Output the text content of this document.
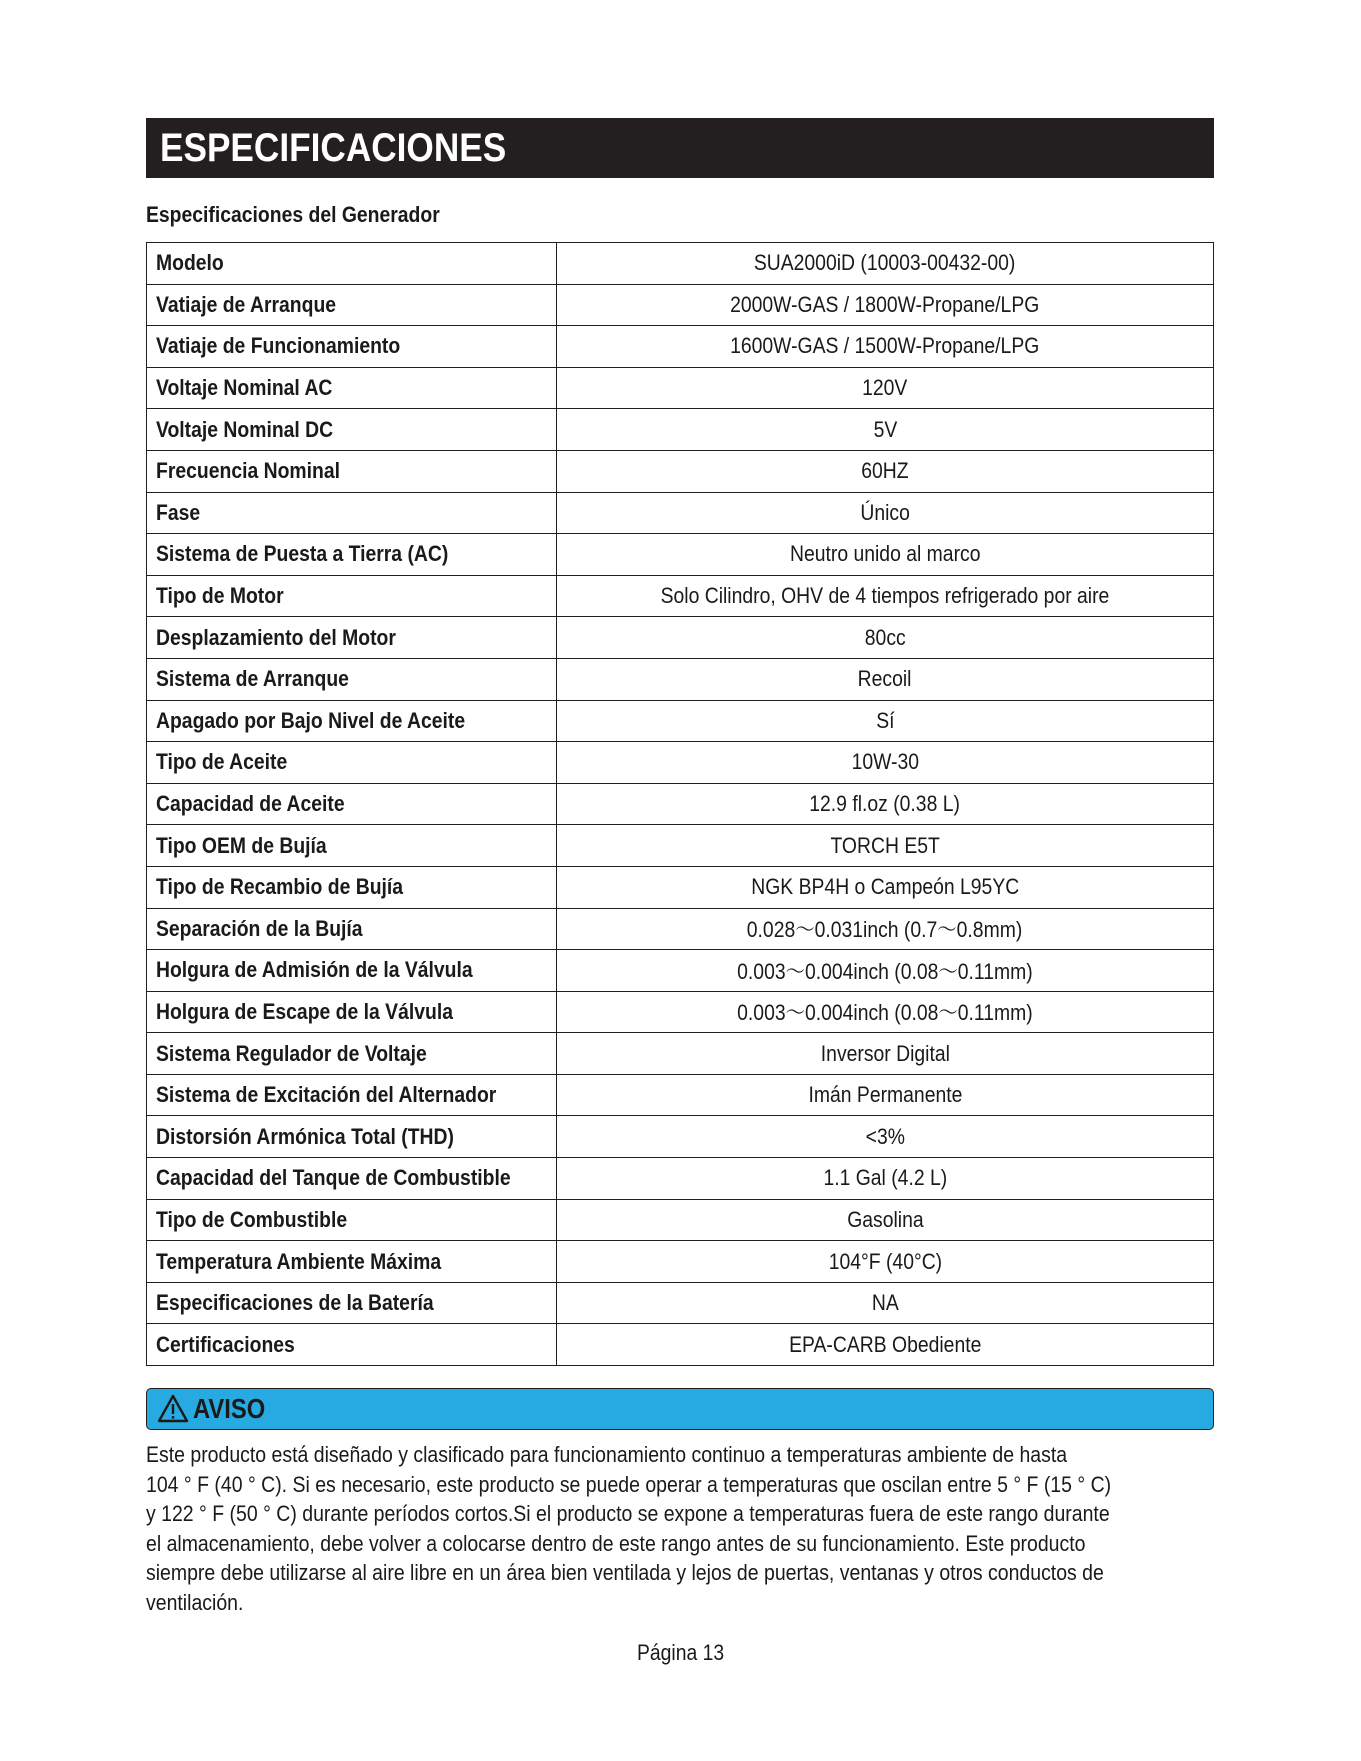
ESPECIFICACIONES
Especificaciones del Generador
Modelo	SUA2000iD (10003-00432-00)
Vatiaje de Arranque	2000W-GAS / 1800W-Propane/LPG
Vatiaje de Funcionamiento	1600W-GAS / 1500W-Propane/LPG
Voltaje Nominal AC	120V
Voltaje Nominal DC	5V
Frecuencia Nominal	60HZ
Fase	Único
Sistema de Puesta a Tierra (AC)	Neutro unido al marco
Tipo de Motor	Solo Cilindro, OHV de 4 tiempos refrigerado por aire
Desplazamiento del Motor	80cc
Sistema de Arranque	Recoil
Apagado por Bajo Nivel de Aceite	Sí
Tipo de Aceite	10W-30
Capacidad de Aceite	12.9 fl.oz (0.38 L)
Tipo OEM de Bujía	TORCH E5T
Tipo de Recambio de Bujía	NGK BP4H o Campeón L95YC
Separación de la Bujía	0.028～0.031inch (0.7～0.8mm)
Holgura de Admisión de la Válvula	0.003～0.004inch (0.08～0.11mm)
Holgura de Escape de la Válvula	0.003～0.004inch (0.08～0.11mm)
Sistema Regulador de Voltaje	Inversor Digital
Sistema de Excitación del Alternador	Imán Permanente
Distorsión Armónica Total (THD)	<3%
Capacidad del Tanque de Combustible	1.1 Gal (4.2 L)
Tipo de Combustible	Gasolina
Temperatura Ambiente Máxima	104°F (40°C)
Especificaciones de la Batería	NA
Certificaciones	EPA-CARB Obediente
AVISO
Este producto está diseñado y clasificado para funcionamiento continuo a temperaturas ambiente de hasta
104 ° F (40 ° C). Si es necesario, este producto se puede operar a temperaturas que oscilan entre 5 ° F (15 ° C)
y 122 ° F (50 ° C) durante períodos cortos.Si el producto se expone a temperaturas fuera de este rango durante
el almacenamiento, debe volver a colocarse dentro de este rango antes de su funcionamiento. Este producto
siempre debe utilizarse al aire libre en un área bien ventilada y lejos de puertas, ventanas y otros conductos de
ventilación.
Página 13
